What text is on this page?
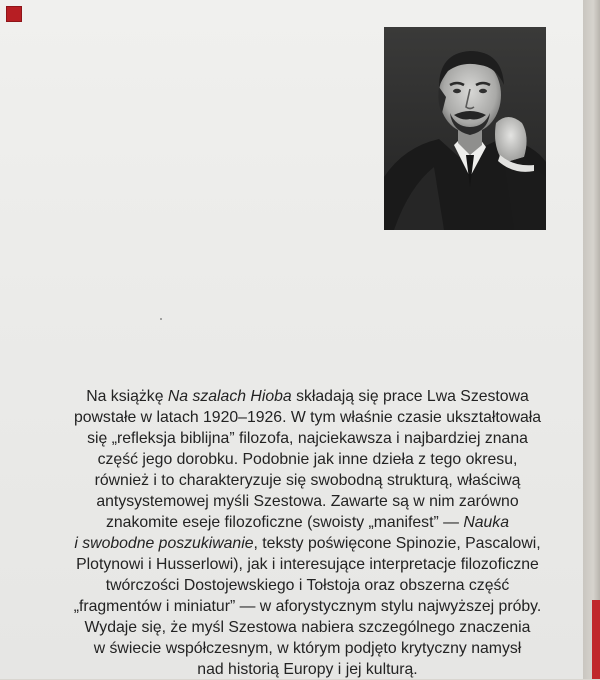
Na książkę Na szalach Hioba składają się prace Lwa Szestowa
powstałe w latach 1920–1926. W tym właśnie czasie ukształtowała
się „refleksja biblijna” filozofa, najciekawsza i najbardziej znana
część jego dorobku. Podobnie jak inne dzieła z tego okresu,
również i to charakteryzuje się swobodną strukturą, właściwą
antysystemowej myśli Szestowa. Zawarte są w nim zarówno
znakomite eseje filozoficzne (swoisty „manifest” — Nauka
i swobodne poszukiwanie, teksty poświęcone Spinozie, Pascalowi,
Plotynowi i Husserlowi), jak i interesujące interpretacje filozoficzne
twórczości Dostojewskiego i Tołstoja oraz obszerna część
„fragmentów i miniatur” — w aforystycznym stylu najwyższej próby.
Wydaje się, że myśl Szestowa nabiera szczególnego znaczenia
w świecie współczesnym, w którym podjęto krytyczny namysł
nad historią Europy i jej kulturą.
